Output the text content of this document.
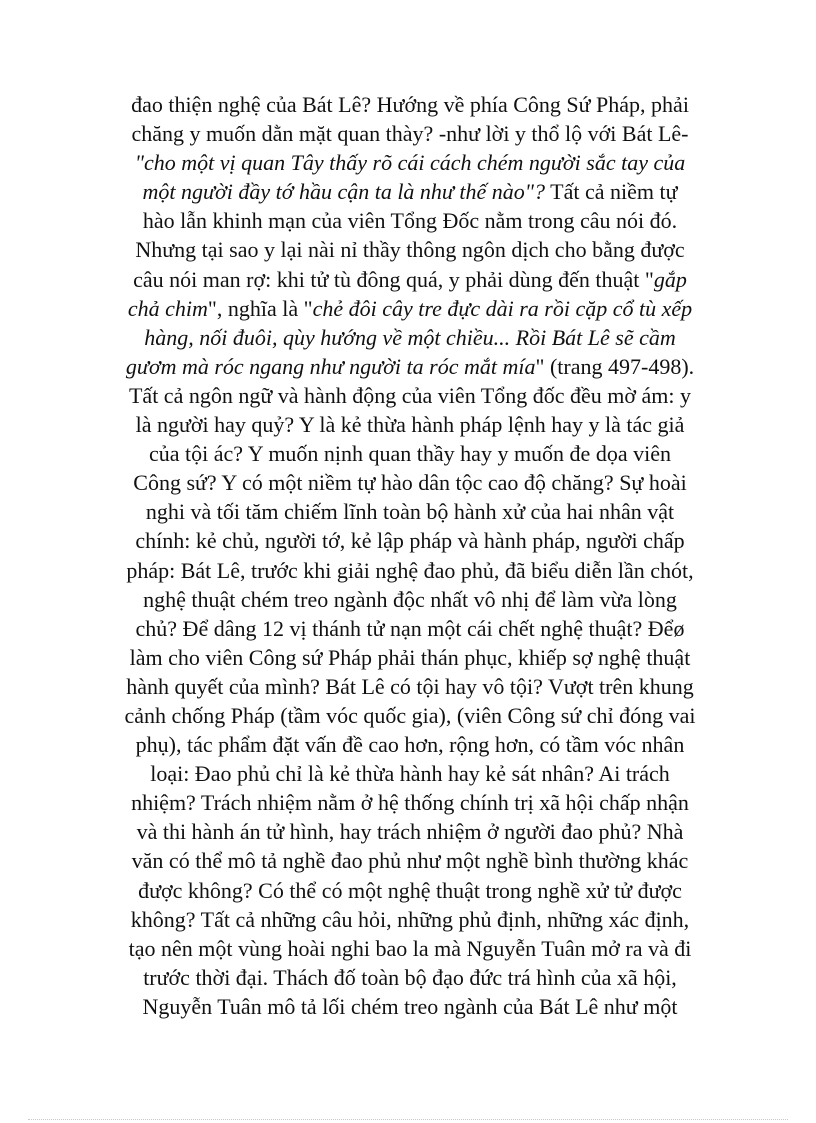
đao thiện nghệ của Bát Lê? Hướng về phía Công Sứ Pháp, phải
chăng y muốn dằn mặt quan thày? -như lời y thổ lộ với Bát Lê-
"cho một vị quan Tây thấy rõ cái cách chém người sắc tay của
một người đầy tớ hầu cận ta là như thế nào"? Tất cả niềm tự
hào lẫn khinh mạn của viên Tổng Đốc nằm trong câu nói đó.
Nhưng tại sao y lại nài nỉ thầy thông ngôn dịch cho bằng được
câu nói man rợ: khi tử tù đông quá, y phải dùng đến thuật "gắp
chả chim", nghĩa là "chẻ đôi cây tre đực dài ra rồi cặp cổ tù xếp
hàng, nối đuôi, qùy hướng về một chiều... Rồi Bát Lê sẽ cầm
gươm mà róc ngang như người ta róc mắt mía" (trang 497-498).
Tất cả ngôn ngữ và hành động của viên Tổng đốc đều mờ ám: y
là người hay quỷ? Y là kẻ thừa hành pháp lệnh hay y là tác giả
của tội ác? Y muốn nịnh quan thầy hay y muốn đe dọa viên
Công sứ? Y có một niềm tự hào dân tộc cao độ chăng? Sự hoài
nghi và tối tăm chiếm lĩnh toàn bộ hành xử của hai nhân vật
chính: kẻ chủ, người tớ, kẻ lập pháp và hành pháp, người chấp
pháp: Bát Lê, trước khi giải nghệ đao phủ, đã biểu diễn lần chót,
nghệ thuật chém treo ngành độc nhất vô nhị để làm vừa lòng
chủ? Để dâng 12 vị thánh tử nạn một cái chết nghệ thuật? Đểø
làm cho viên Công sứ Pháp phải thán phục, khiếp sợ nghệ thuật
hành quyết của mình? Bát Lê có tội hay vô tội? Vượt trên khung
cảnh chống Pháp (tầm vóc quốc gia), (viên Công sứ chỉ đóng vai
phụ), tác phẩm đặt vấn đề cao hơn, rộng hơn, có tầm vóc nhân
loại: Đao phủ chỉ là kẻ thừa hành hay kẻ sát nhân? Ai trách
nhiệm? Trách nhiệm nằm ở hệ thống chính trị xã hội chấp nhận
và thi hành án tử hình, hay trách nhiệm ở người đao phủ? Nhà
văn có thể mô tả nghề đao phủ như một nghề bình thường khác
được không? Có thể có một nghệ thuật trong nghề xử tử được
không? Tất cả những câu hỏi, những phủ định, những xác định,
tạo nên một vùng hoài nghi bao la mà Nguyễn Tuân mở ra và đi
trước thời đại. Thách đố toàn bộ đạo đức trá hình của xã hội,
Nguyễn Tuân mô tả lối chém treo ngành của Bát Lê như một
